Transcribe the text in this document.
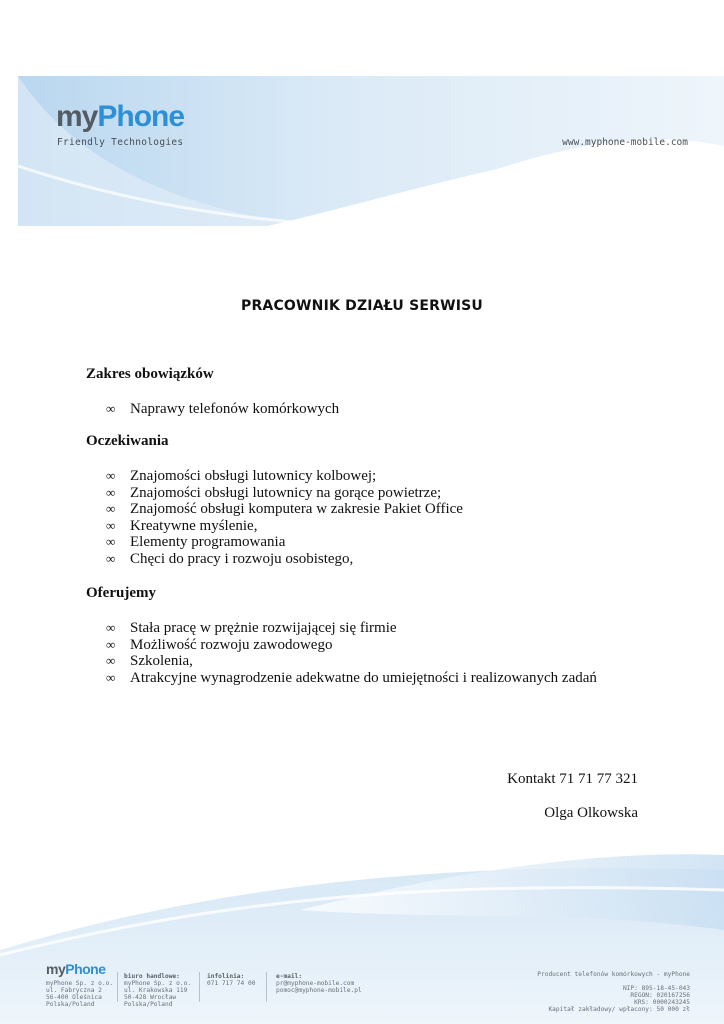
myPhone
Friendly Technologies	www.myphone-mobile.com
PRACOWNIK DZIAŁU SERWISU
Zakres obowiązków
∞ Naprawy telefonów komórkowych
Oczekiwania
∞ Znajomości obsługi lutownicy kolbowej;
∞ Znajomości obsługi lutownicy na gorące powietrze;
∞ Znajomość obsługi komputera w zakresie Pakiet Office
∞ Kreatywne myślenie,
∞ Elementy programowania
∞ Chęci do pracy i rozwoju osobistego,
Oferujemy
∞ Stała pracę w prężnie rozwijającej się firmie
∞ Możliwość rozwoju zawodowego
∞ Szkolenia,
∞ Atrakcyjne wynagrodzenie adekwatne do umiejętności i realizowanych zadań
Kontakt 71 71 77 321
Olga Olkowska
myPhone
myPhone Sp. z o.o.
ul. Fabryczna 2
56-400 Oleśnica
Polska/Poland
biuro handlowe:
myPhone Sp. z o.o.
ul. Krakowska 119
50-428 Wrocław
Polska/Poland
infolinia:
071 717 74 00
e-mail:
pr@myphone-mobile.com
pomoc@myphone-mobile.pl
Producent telefonów komórkowych - myPhone
NIP: 895-18-45-043
REGON: 020167256
KRS: 0000243245
Kapitał zakładowy/ wpłacony: 50 000 zł
